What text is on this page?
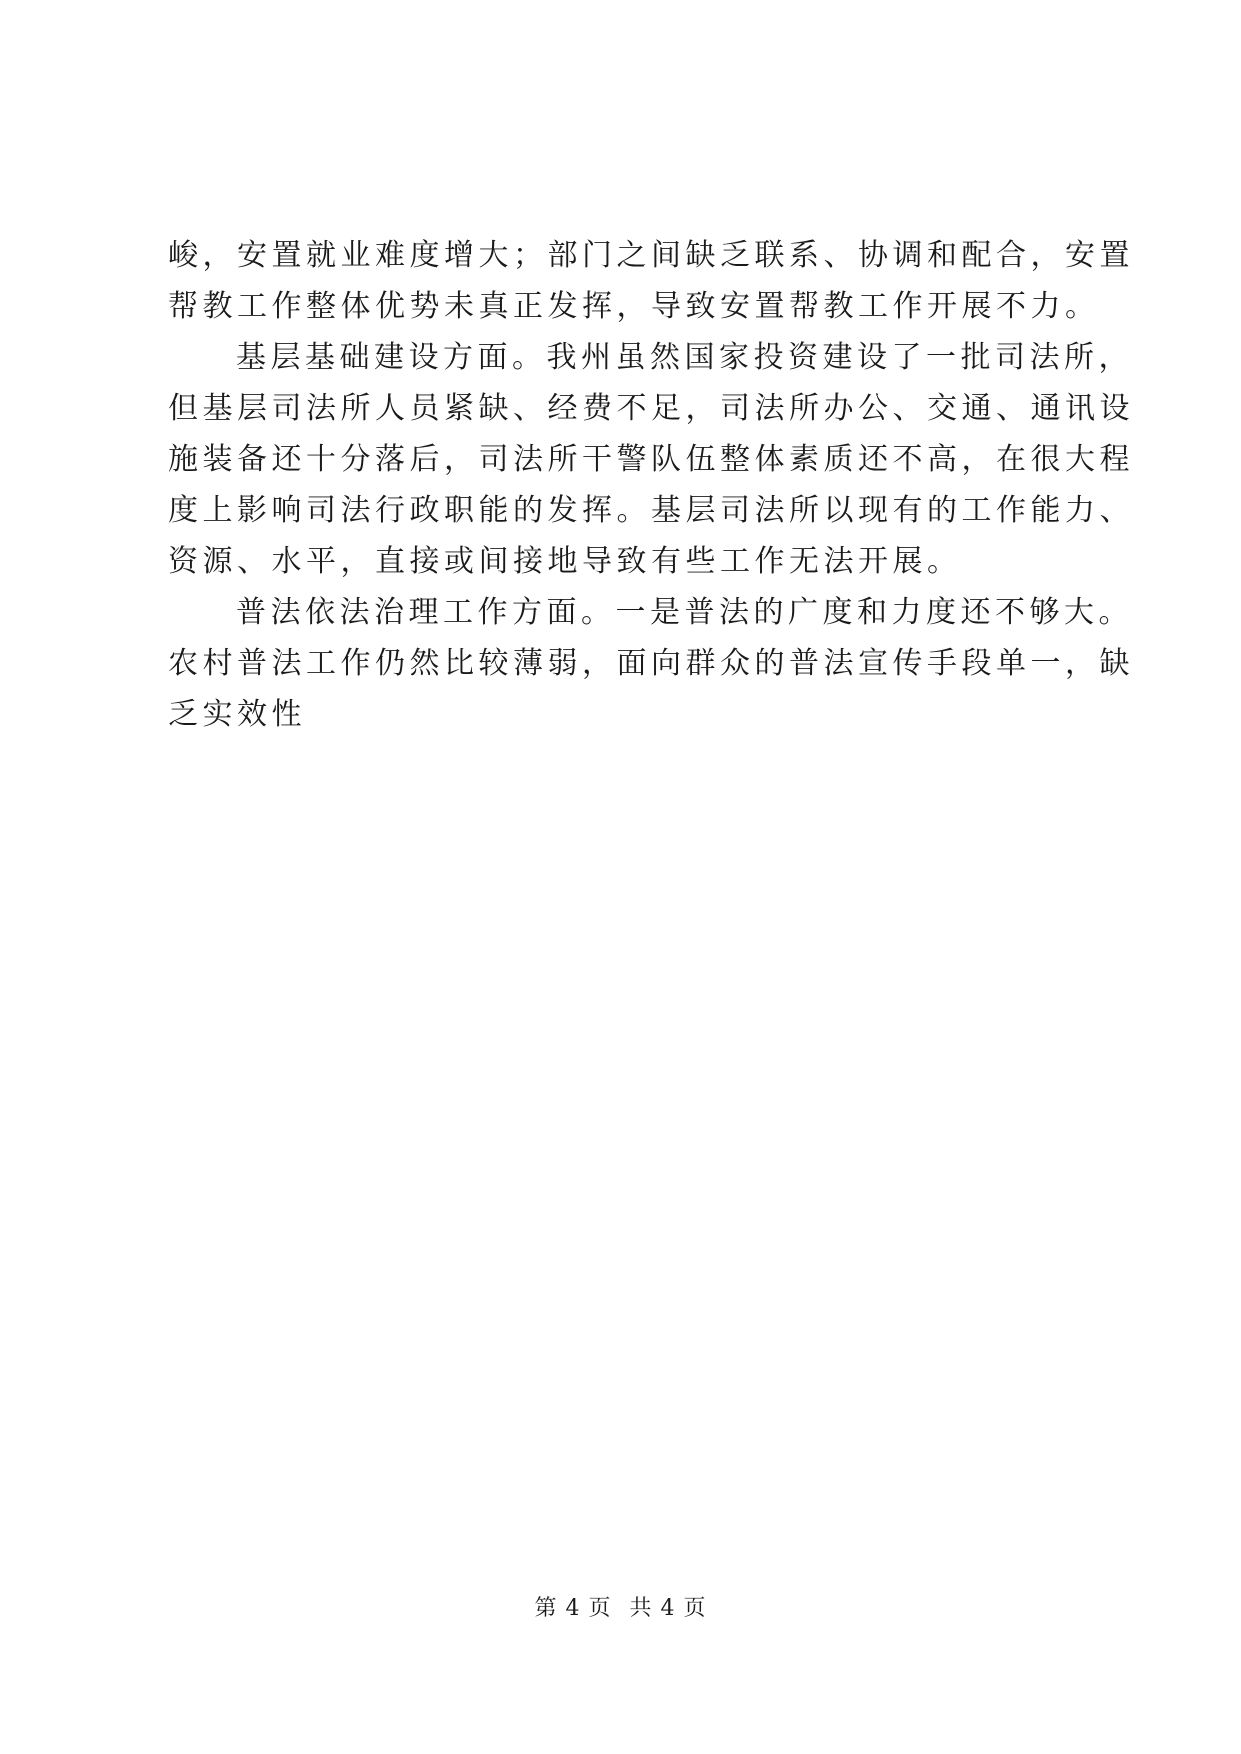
峻，安置就业难度增大；部门之间缺乏联系、协调和配合，安置
帮教工作整体优势未真正发挥，导致安置帮教工作开展不力。
基层基础建设方面。我州虽然国家投资建设了一批司法所，
但基层司法所人员紧缺、经费不足，司法所办公、交通、通讯设
施装备还十分落后，司法所干警队伍整体素质还不高，在很大程
度上影响司法行政职能的发挥。基层司法所以现有的工作能力、
资源、水平，直接或间接地导致有些工作无法开展。
普法依法治理工作方面。一是普法的广度和力度还不够大。
农村普法工作仍然比较薄弱，面向群众的普法宣传手段单一，缺
乏实效性
第 4 页 共 4 页
